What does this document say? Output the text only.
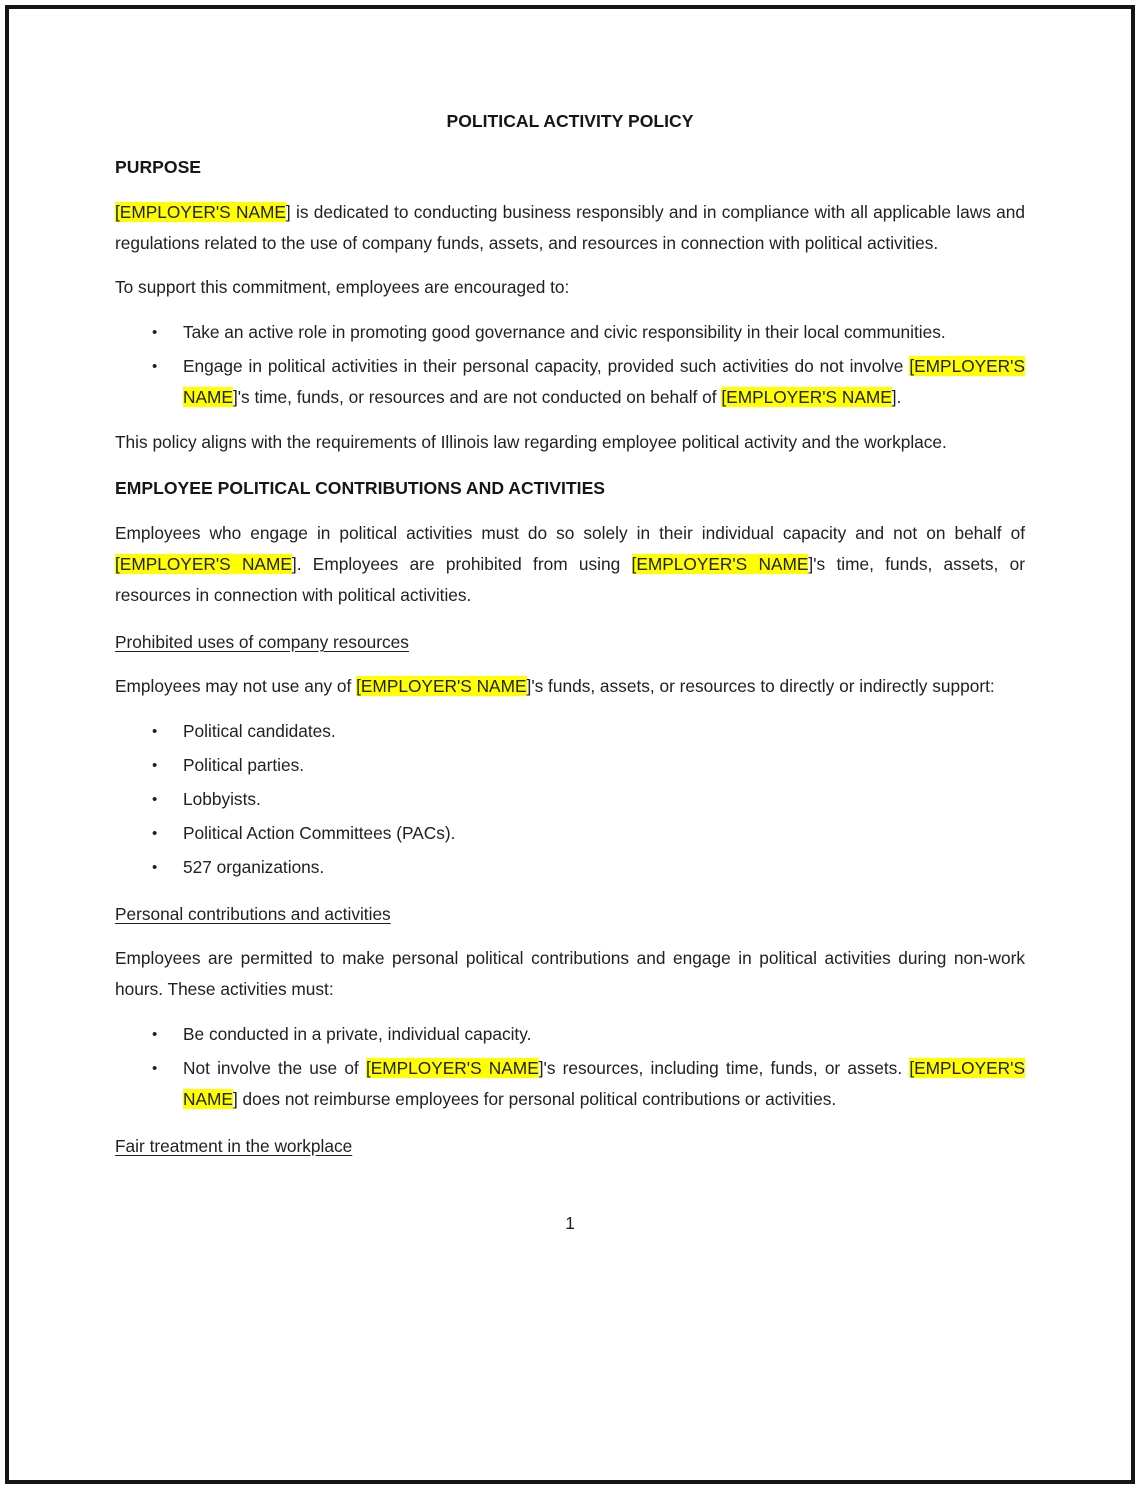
POLITICAL ACTIVITY POLICY
PURPOSE

[EMPLOYER'S NAME] is dedicated to conducting business responsibly and in compliance with all applicable laws and regulations related to the use of company funds, assets, and resources in connection with political activities.

To support this commitment, employees are encouraged to:

•	Take an active role in promoting good governance and civic responsibility in their local communities.
•	Engage in political activities in their personal capacity, provided such activities do not involve [EMPLOYER'S NAME]'s time, funds, or resources and are not conducted on behalf of [EMPLOYER'S NAME].

This policy aligns with the requirements of Illinois law regarding employee political activity and the workplace.

EMPLOYEE POLITICAL CONTRIBUTIONS AND ACTIVITIES

Employees who engage in political activities must do so solely in their individual capacity and not on behalf of [EMPLOYER'S NAME]. Employees are prohibited from using [EMPLOYER'S NAME]'s time, funds, assets, or resources in connection with political activities.

Prohibited uses of company resources

Employees may not use any of [EMPLOYER'S NAME]'s funds, assets, or resources to directly or indirectly support:

•	Political candidates.
•	Political parties.
•	Lobbyists.
•	Political Action Committees (PACs).
•	527 organizations.
Personal contributions and activities

Employees are permitted to make personal political contributions and engage in political activities during non-work hours. These activities must:

•	Be conducted in a private, individual capacity.
•	Not involve the use of [EMPLOYER'S NAME]'s resources, including time, funds, or assets. [EMPLOYER'S NAME] does not reimburse employees for personal political contributions or activities.
Fair treatment in the workplace
1
